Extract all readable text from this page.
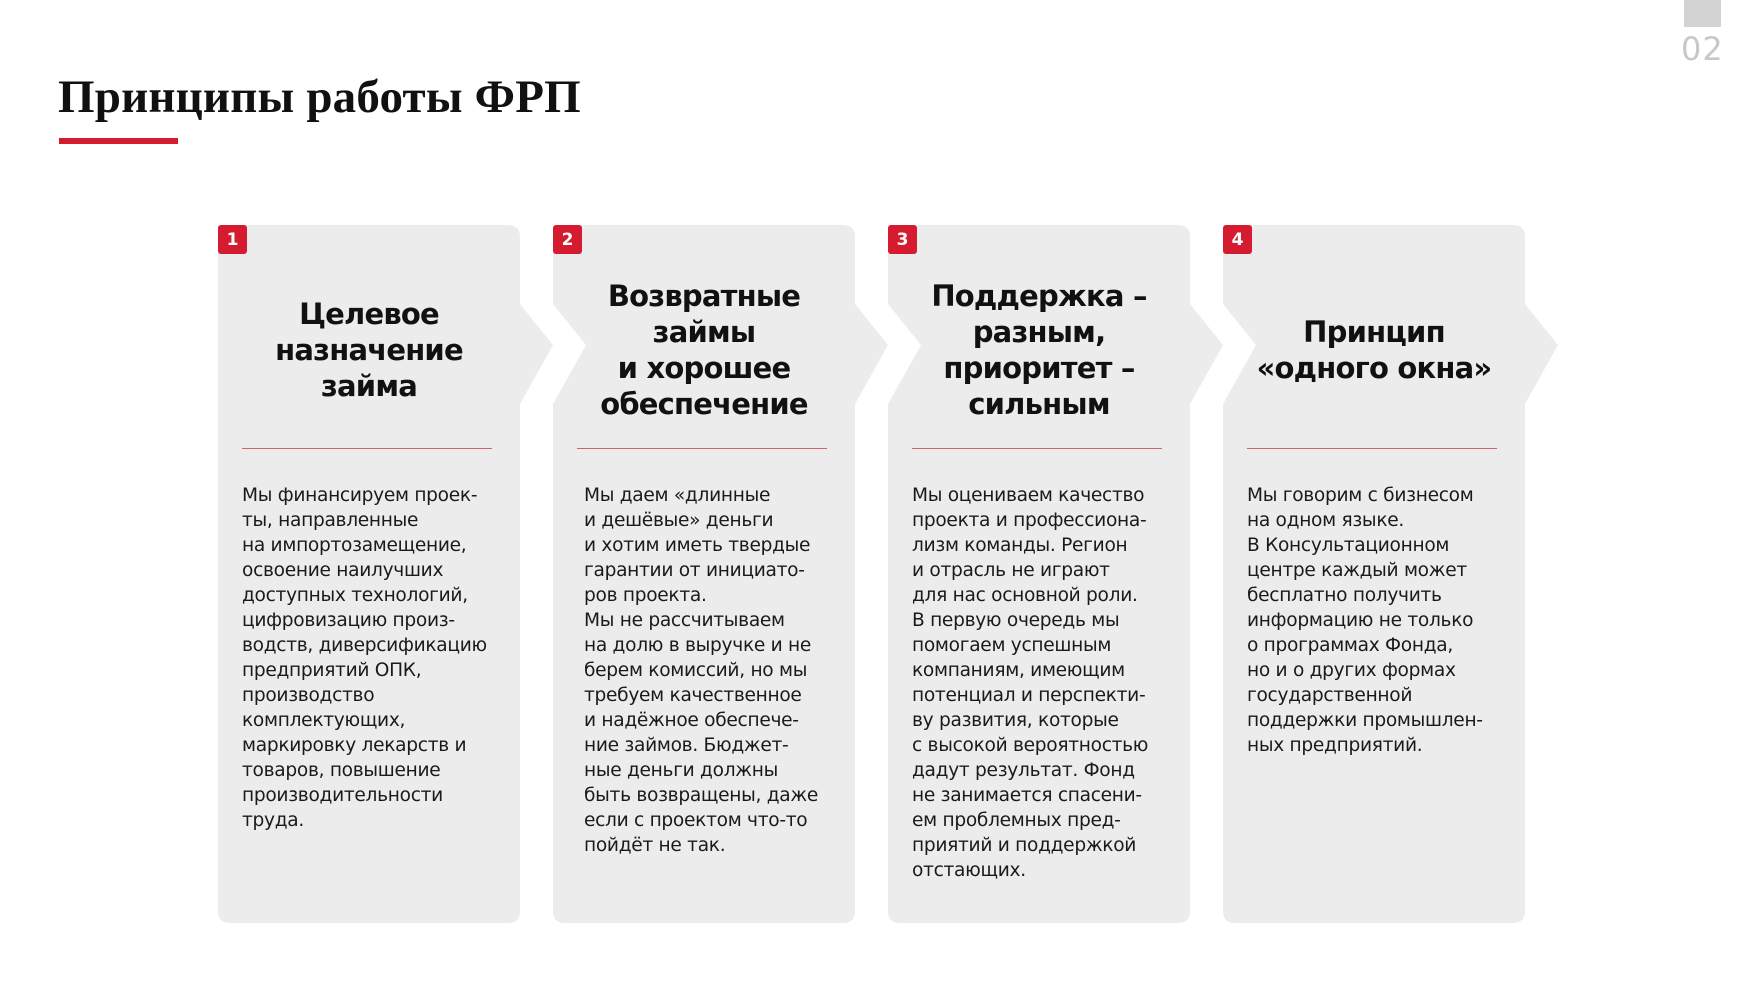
Принципы работы ФРП
02
1
Целевое
назначение
займа

Мы финансируем проек-
ты, направленные
на импортозамещение,
освоение наилучших
доступных технологий,
цифровизацию произ-
водств, диверсификацию
предприятий ОПК,
производство
комплектующих,
маркировку лекарств и
товаров, повышение
производительности
труда.

2
Возвратные
займы
и хорошее
обеспечение

Мы даем «длинные
и дешёвые» деньги
и хотим иметь твердые
гарантии от инициато-
ров проекта.
Мы не рассчитываем
на долю в выручке и не
берем комиссий, но мы
требуем качественное
и надёжное обеспече-
ние займов. Бюджет-
ные деньги должны
быть возвращены, даже
если с проектом что-то
пойдёт не так.

3
Поддержка –
разным,
приоритет –
сильным

Мы оцениваем качество
проекта и профессиона-
лизм команды. Регион
и отрасль не играют
для нас основной роли.
В первую очередь мы
помогаем успешным
компаниям, имеющим
потенциал и перспекти-
ву развития, которые
с высокой вероятностью
дадут результат. Фонд
не занимается спасени-
ем проблемных пред-
приятий и поддержкой
отстающих.

4
Принцип
«одного окна»

Мы говорим с бизнесом
на одном языке.
В Консультационном
центре каждый может
бесплатно получить
информацию не только
о программах Фонда,
но и о других формах
государственной
поддержки промышлен-
ных предприятий.
